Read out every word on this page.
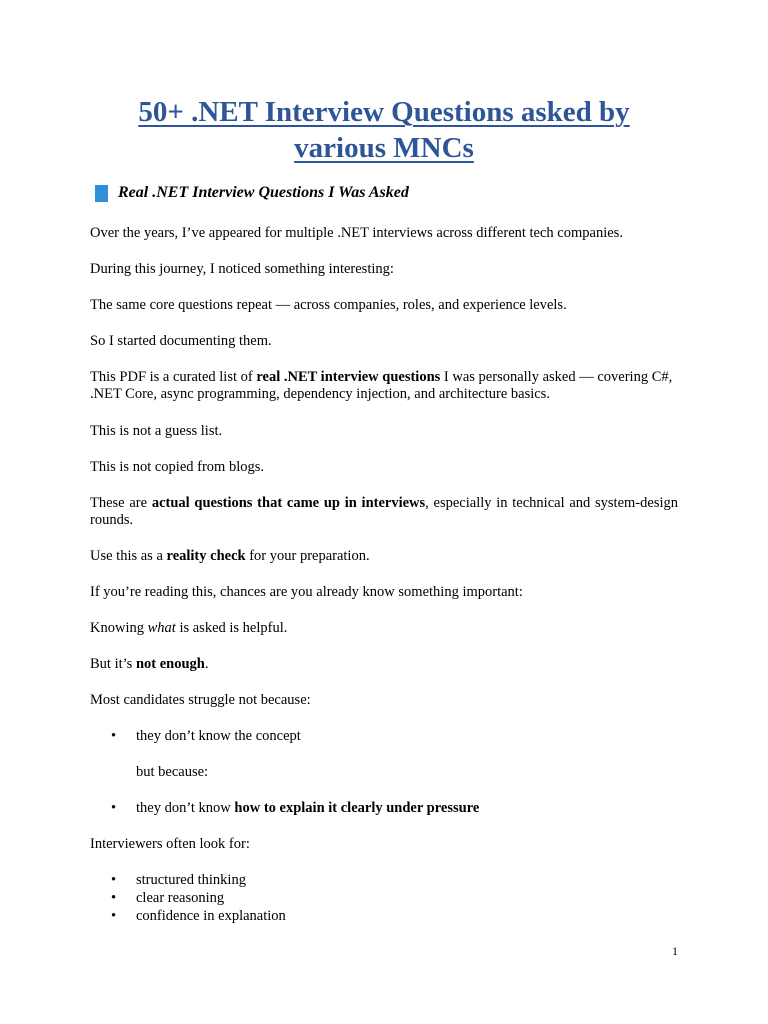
50+ .NET Interview Questions asked by
various MNCs
Real .NET Interview Questions I Was Asked
Over the years, I’ve appeared for multiple .NET interviews across different tech companies.
During this journey, I noticed something interesting:
The same core questions repeat — across companies, roles, and experience levels.
So I started documenting them.
This PDF is a curated list of real .NET interview questions I was personally asked — covering C#, .NET Core, async programming, dependency injection, and architecture basics.
This is not a guess list.
This is not copied from blogs.
These are actual questions that came up in interviews, especially in technical and system-design rounds.
Use this as a reality check for your preparation.
If you’re reading this, chances are you already know something important:
Knowing what is asked is helpful.
But it’s not enough.
Most candidates struggle not because:
• they don’t know the concept
but because:
• they don’t know how to explain it clearly under pressure
Interviewers often look for:
• structured thinking
• clear reasoning
• confidence in explanation
1
